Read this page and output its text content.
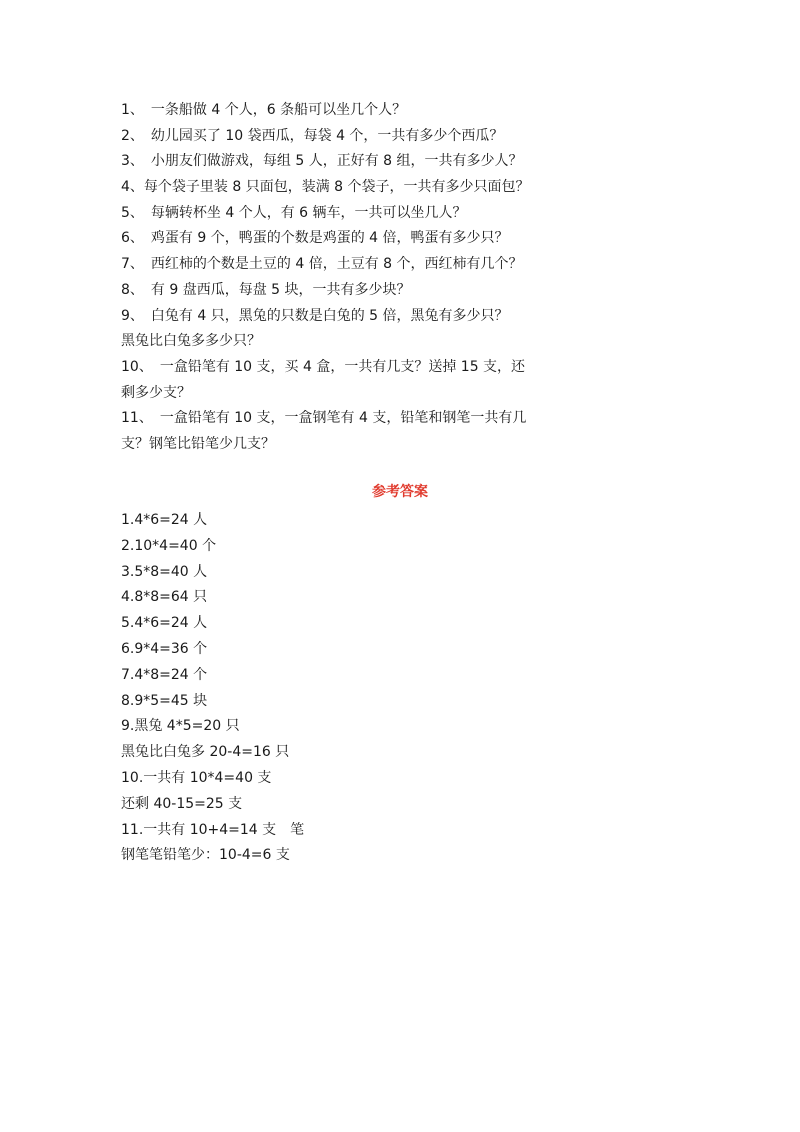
1、　一条船做 4 个人，6 条船可以坐几个人？
2、　幼儿园买了 10 袋西瓜，每袋 4 个，一共有多少个西瓜？
3、　小朋友们做游戏，每组 5 人，正好有 8 组，一共有多少人？
4、每个袋子里装 8 只面包，装满 8 个袋子，一共有多少只面包？
5、　每辆转杯坐 4 个人，有 6 辆车，一共可以坐几人？
6、　鸡蛋有 9 个，鸭蛋的个数是鸡蛋的 4 倍，鸭蛋有多少只？
7、　西红柿的个数是土豆的 4 倍，土豆有 8 个，西红柿有几个？
8、　有 9 盘西瓜，每盘 5 块，一共有多少块？
9、　白兔有 4 只，黑兔的只数是白兔的 5 倍，黑兔有多少只？
黑兔比白兔多多少只？
10、　一盒铅笔有 10 支，买 4 盒，一共有几支？送掉 15 支，还
剩多少支？
11、　一盒铅笔有 10 支，一盒钢笔有 4 支，铅笔和钢笔一共有几
支？钢笔比铅笔少几支？
参考答案
1.4*6=24 人
2.10*4=40 个
3.5*8=40 人
4.8*8=64 只
5.4*6=24 人
6.9*4=36 个
7.4*8=24 个
8.9*5=45 块
9.黑兔 4*5=20 只
黑兔比白兔多 20-4=16 只
10.一共有 10*4=40 支
还剩 40-15=25 支
11.一共有 10+4=14 支　笔
钢笔笔铅笔少：10-4=6 支
